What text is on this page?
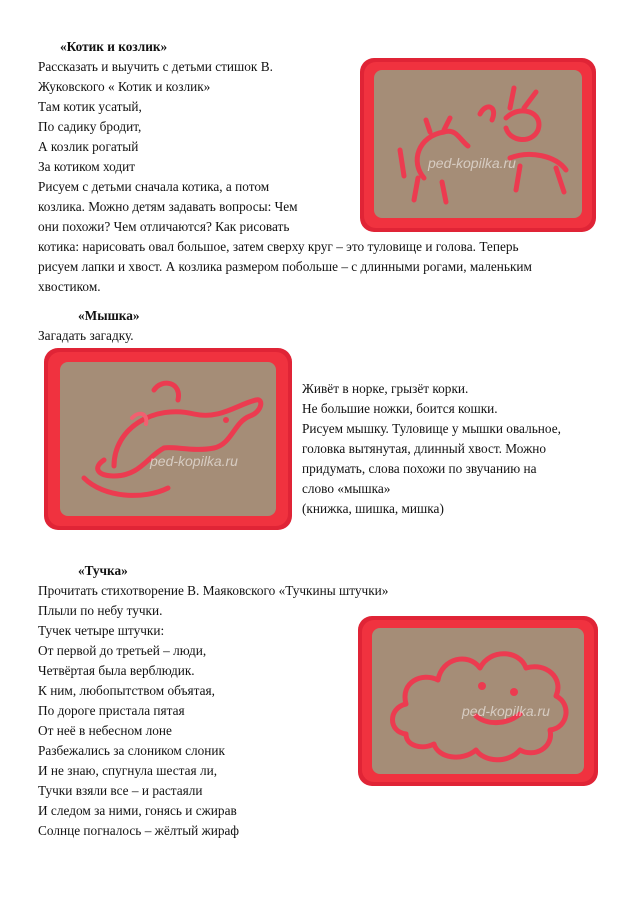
«Котик и козлик»
Рассказать и выучить с детьми стишок В.
Жуковского « Котик и козлик»
Там котик усатый,
По садику бродит,
А козлик рогатый
За котиком ходит
Рисуем с детьми сначала котика, а потом
козлика. Можно детям задавать вопросы: Чем
они похожи? Чем отличаются? Как рисовать
котика: нарисовать овал большое, затем сверху круг – это туловище и голова. Теперь
рисуем лапки и хвост. А козлика размером побольше – с длинными рогами, маленьким
хвостиком.
ped-kopilka.ru
«Мышка»
Загадать загадку.
ped-kopilka.ru
Живёт в норке, грызёт корки.
Не большие ножки, боится кошки.
Рисуем мышку. Туловище у мышки овальное,
головка вытянутая, длинный хвост. Можно
придумать, слова похожи по звучанию на
слово «мышка»
(книжка, шишка, мишка)
«Тучка»
Прочитать стихотворение В. Маяковского «Тучкины штучки»
Плыли по небу тучки.
Тучек четыре штучки:
От первой до третьей – люди,
Четвёртая была верблюдик.
К ним, любопытством объятая,
По дороге пристала пятая
От неё в небесном лоне
Разбежались за слоником слоник
И не знаю, спугнула шестая ли,
Тучки взяли все – и растаяли
И следом за ними, гонясь и сжирав
Солнце погналось – жёлтый жираф
ped-kopilka.ru
